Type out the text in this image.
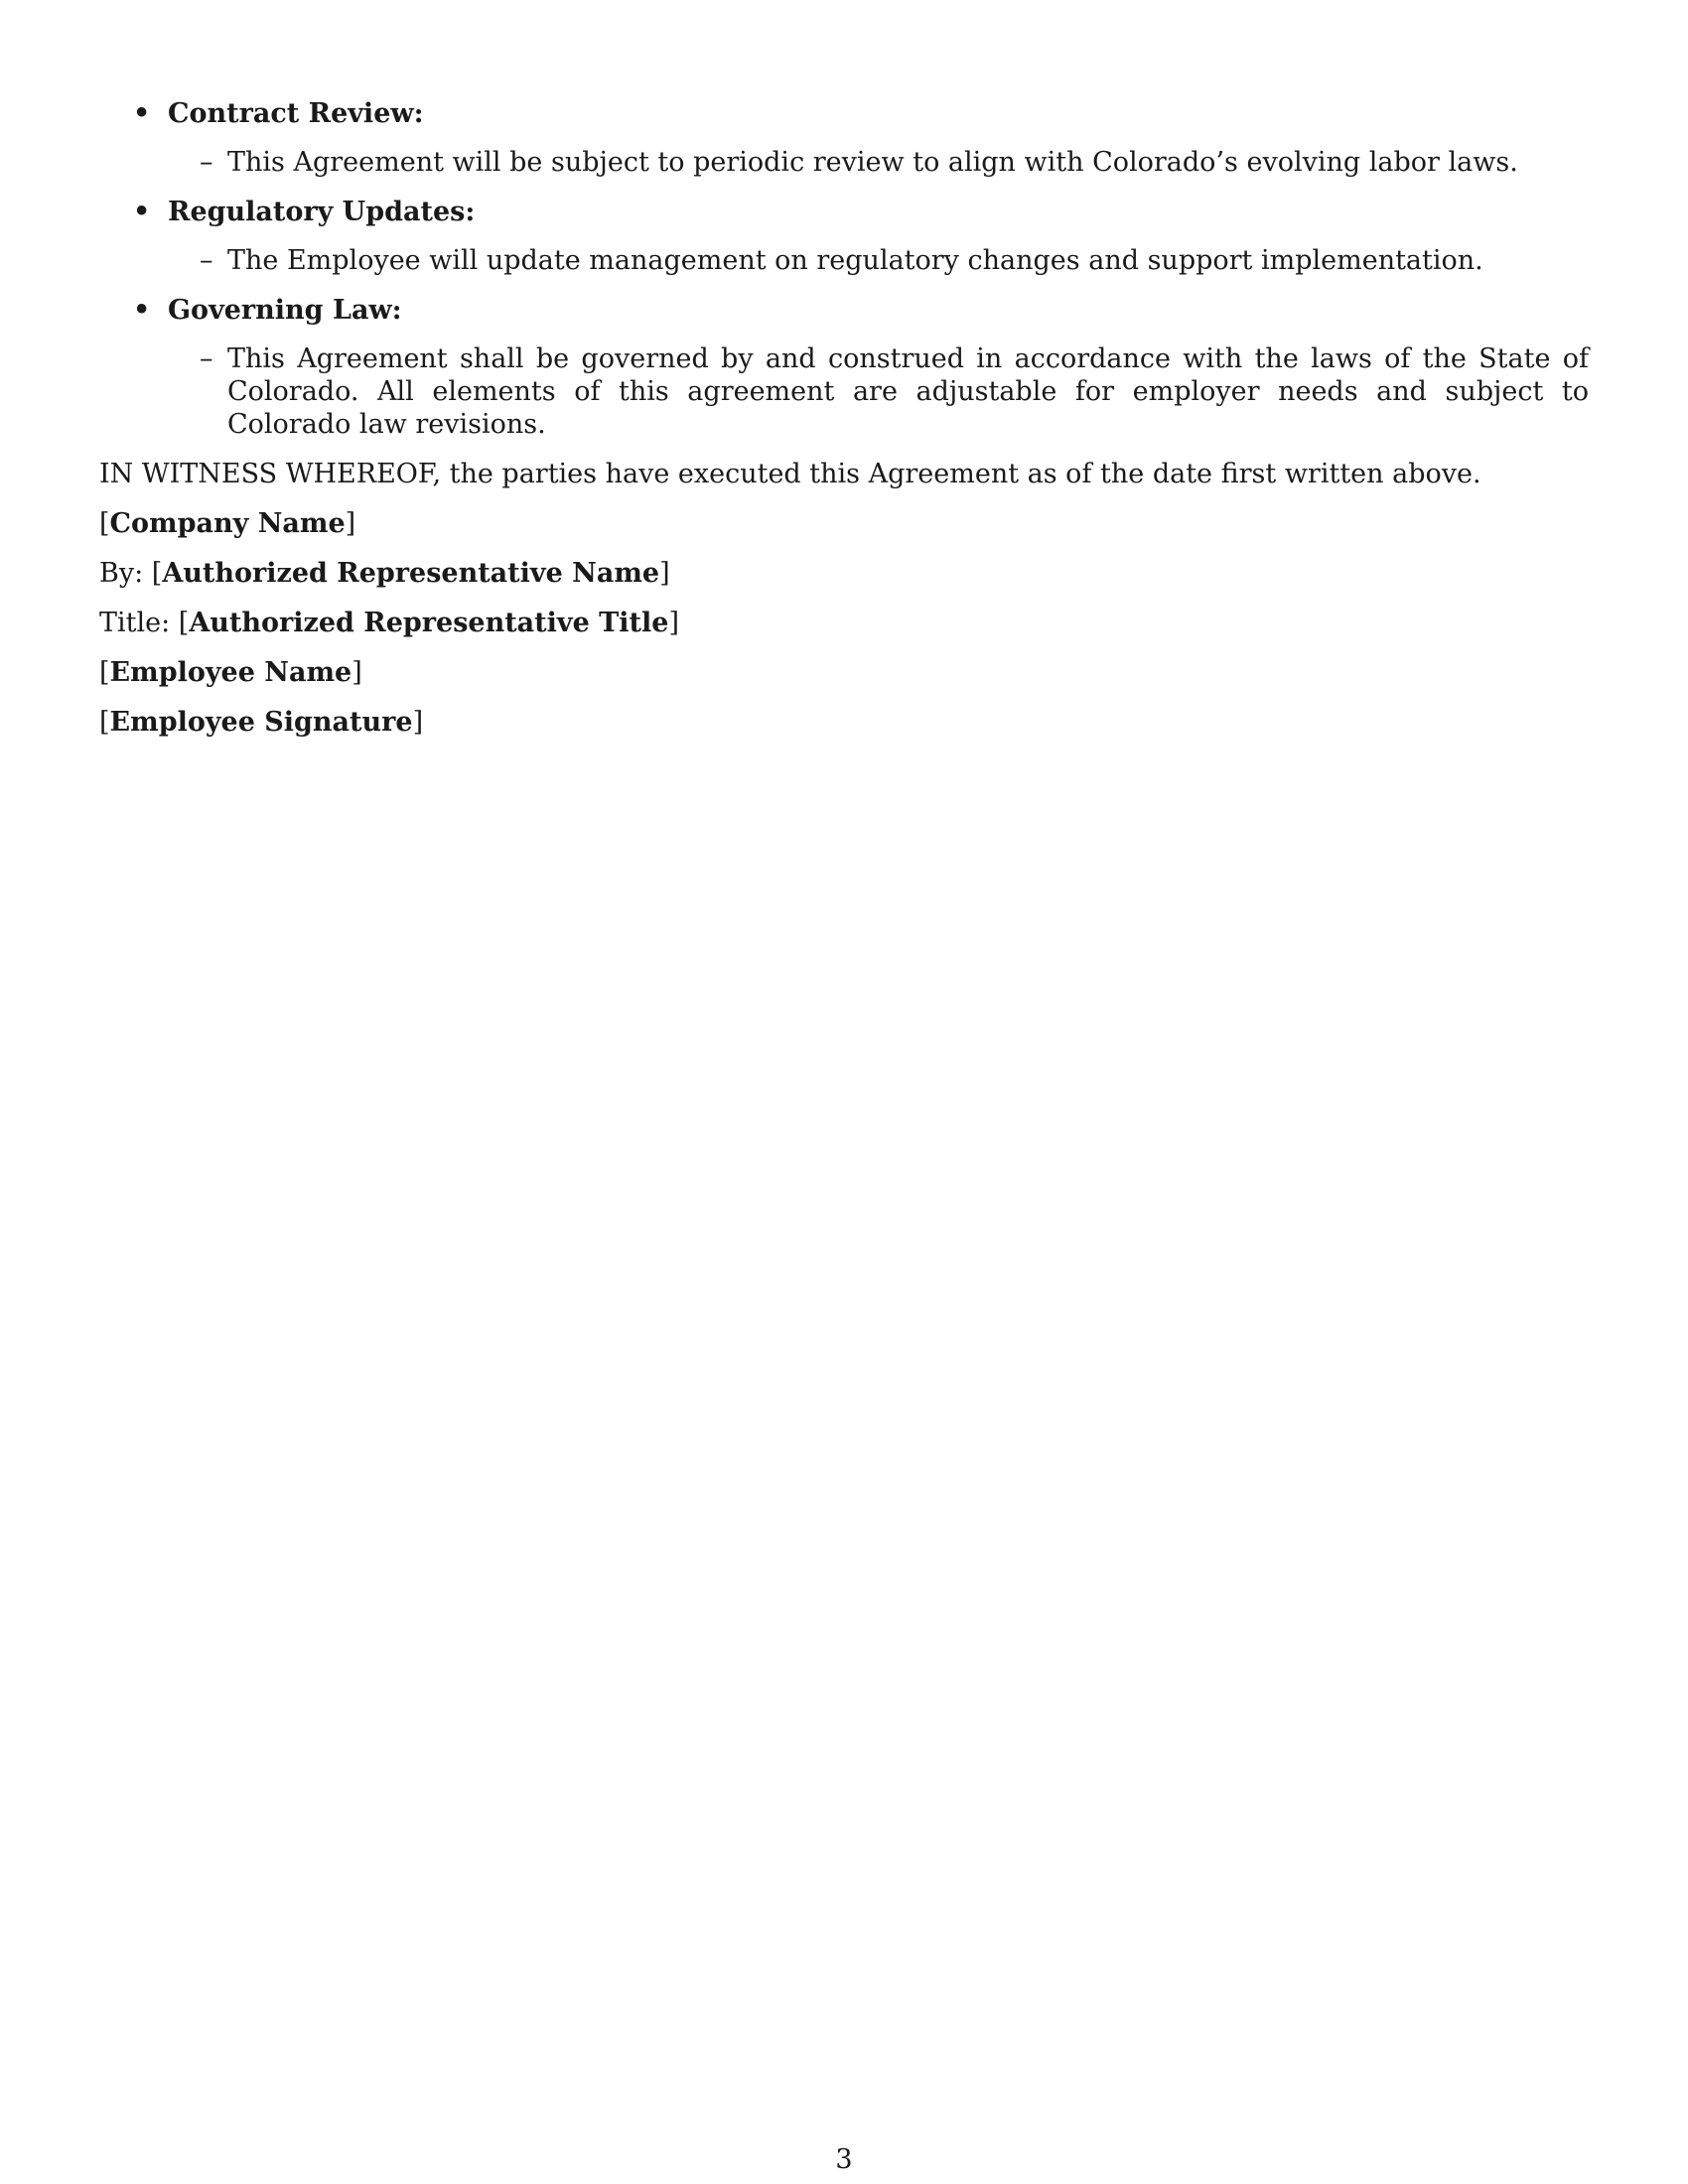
• Contract Review:
– This Agreement will be subject to periodic review to align with Colorado’s evolving labor laws.
• Regulatory Updates:
– The Employee will update management on regulatory changes and support implementation.
• Governing Law:
– This Agreement shall be governed by and construed in accordance with the laws of the State of Colorado. All elements of this agreement are adjustable for employer needs and subject to Colorado law revisions.

IN WITNESS WHEREOF, the parties have executed this Agreement as of the date first written above.

[Company Name]

By: [Authorized Representative Name]

Title: [Authorized Representative Title]

[Employee Name]

[Employee Signature]

3
